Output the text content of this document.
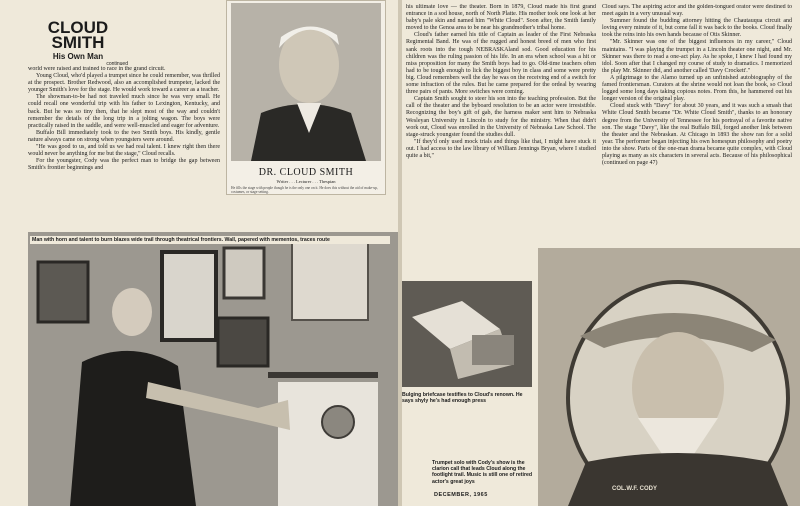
CLOUD
SMITH
His Own Man
continued

world were raised and trained to race in the grand circuit.

Young Cloud, who'd played a trumpet since he could remember, was thrilled at the prospect. Brother Redwood, also an accomplished trumpeter, lacked the younger Smith's love for the stage. He would work toward a career as a teacher.

The showman-to-be had not traveled much since he was very small. He could recall one wonderful trip with his father to Lexington, Kentucky, and back. But he was so tiny then, that he slept most of the way and couldn't remember the details of the long trip in a jolting wagon. The boys were practically raised in the saddle, and were well-muscled and eager for adventure.

Buffalo Bill immediately took to the two Smith boys. His kindly, gentle nature always came on strong when youngsters were around.

"He was good to us, and told us we had real talent. I knew right then there would never be anything for me but the stage," Cloud recalls.

For the youngster, Cody was the perfect man to bridge the gap between Smith's frontier beginnings and	DR. CLOUD SMITH
Writer . . . Lecturer . . . Thespian
He fills the stage with people though he is the only one on it. He does this without the aid of make-up, costumes, or stage setting.
Man with horn and talent to burn blazes wide trail through theatrical frontiers. Wall, papered with mementos, traces route

his ultimate love — the theater. Born in 1879, Cloud made his first grand entrance in a sod house, north of North Platte. His mother took one look at her baby's pale skin and named him "White Cloud". Soon after, the Smith family moved to the Genoa area to be near his grandmother's tribal home.

Cloud's father earned his title of Captain as leader of the First Nebraska Regimental Band. He was of the rugged and honest breed of men who first sank roots into the tough NEBRASKAland sod. Good education for his children was the ruling passion of his life. In an era when school was a hit or miss proposition for many the Smith boys had to go. Old-time teachers often had to be tough enough to lick the biggest boy in class and some were pretty big. Cloud remembers well the day he was on the receiving end of a switch for some infraction of the rules. But he came prepared for the ordeal by wearing three pairs of pants. More switches were coming.

Captain Smith sought to steer his son into the teaching profession. But the call of the theater and the byboard resolution to be an actor were irresistible. Recognizing the boy's gift of gab, the harness maker sent him to Nebraska Wesleyan University in Lincoln to study for the ministry. When that didn't work out, Cloud was enrolled in the University of Nebraska Law School. The stage-struck youngster found the studies dull.

"If they'd only used mock trials and things like that, I might have stuck it out. I had access to the law library of William Jennings Bryan, where I studied quite a bit,"

Cloud says. The aspiring actor and the golden-tongued orator were destined to meet again in a very unusual way.

Summer found the budding attorney hitting the Chautauqua circuit and loving every minute of it, but come fall it was back to the books. Cloud finally took the reins into his own hands because of Otis Skinner.

"Mr. Skinner was one of the biggest influences in my career," Cloud maintains. "I was playing the trumpet in a Lincoln theater one night, and Mr. Skinner was there to read a one-act play. As he spoke, I knew I had found my idol. Soon after that I changed my course of study to dramatics. I memorized the play Mr. Skinner did, and another called 'Davy Crockett'."

A pilgrimage to the Alamo turned up an unfinished autobiography of the famed frontiersman. Curators at the shrine would not loan the book, so Cloud logged some long days taking copious notes. From this, he hammered out his longer version of the original play.

Cloud stuck with "Davy" for about 30 years, and it was such a smash that White Cloud Smith became "Dr. White Cloud Smith", thanks to an honorary degree from the University of Tennessee for his portrayal of a favorite native son. The stage "Davy", like the real Buffalo Bill, forged another link between the theater and the Nebraskan. At Chicago in 1893 the show ran for a solid year. The performer began injecting his own homespun philosophy and poetry into the show. Parts of the one-man drama became quite complex, with Cloud playing as many as six characters in several acts. Because of his philosophical (continued on page 47)

Bulging briefcase testifies to Cloud's renown. He says shyly he's had enough press
Trumpet solo with Cody's show is the clarion call that leads Cloud along the footlight trail. Music is still one of retired actor's great joys
COL.W.F. CODY
DECEMBER, 1965
